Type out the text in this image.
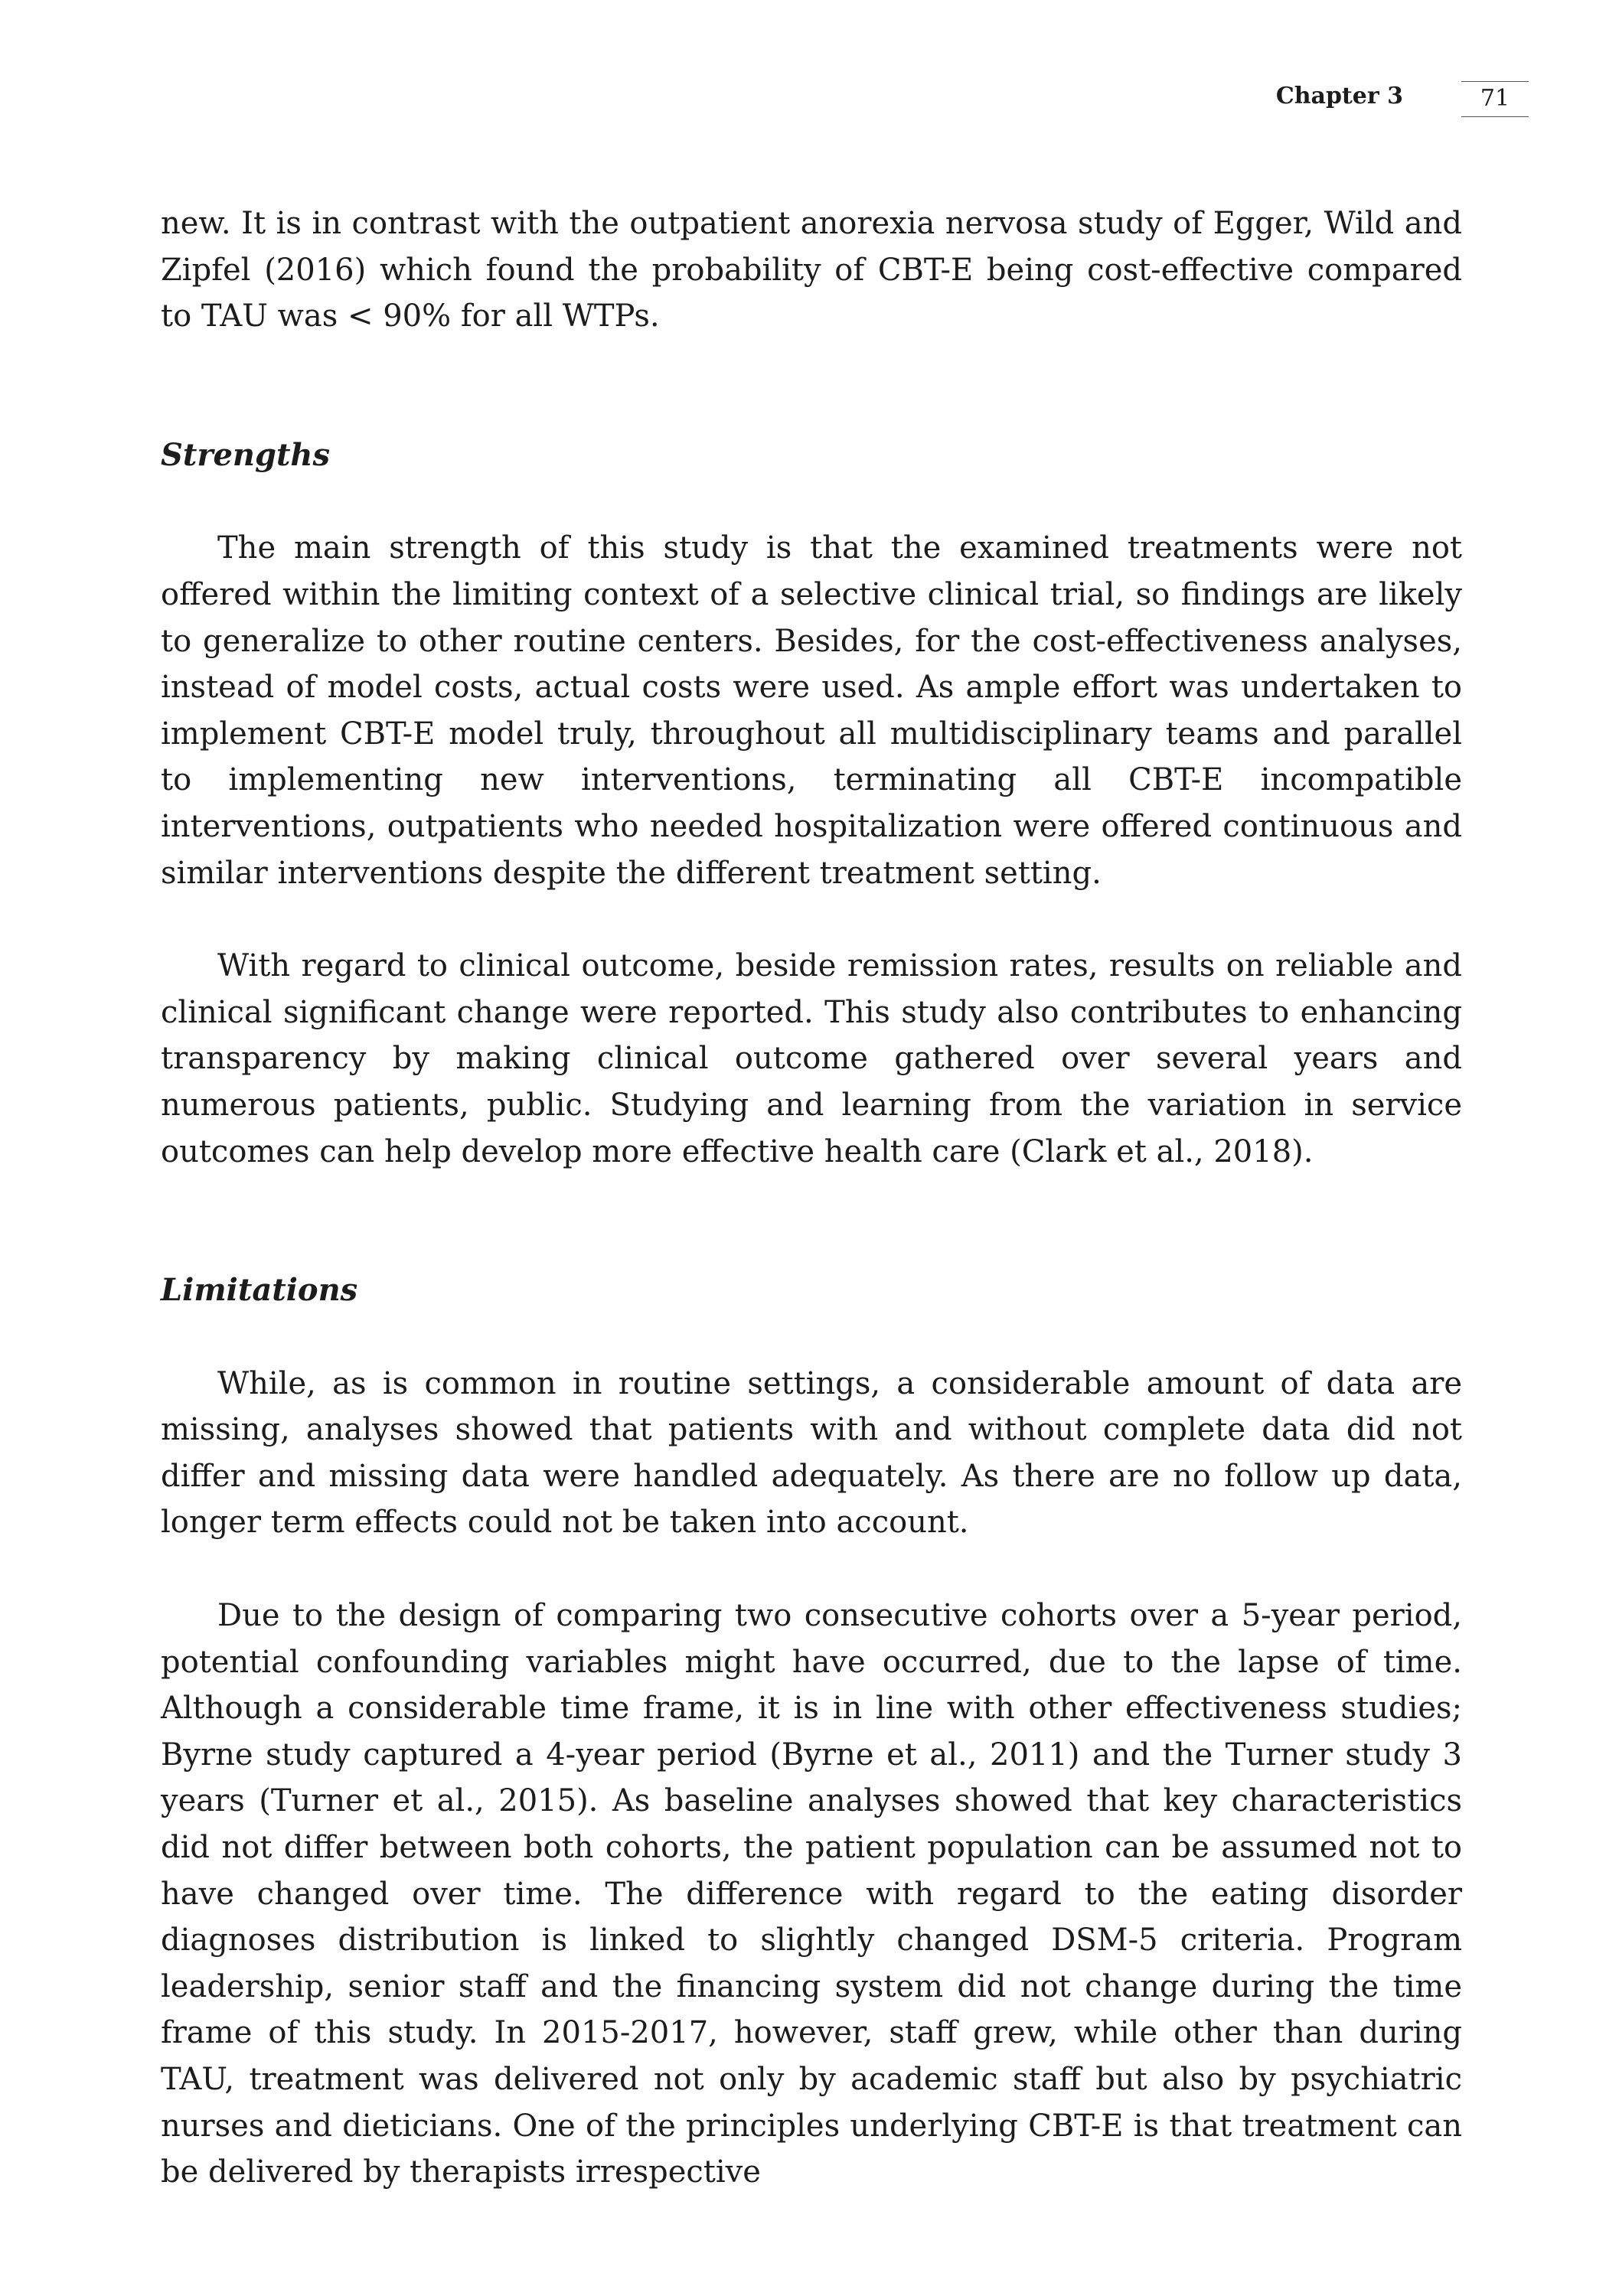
Chapter 3	71

new. It is in contrast with the outpatient anorexia nervosa study of Egger, Wild and Zipfel (2016) which found the probability of CBT-E being cost-effective compared to TAU was < 90% for all WTPs.

Strengths

The main strength of this study is that the examined treatments were not offered within the limiting context of a selective clinical trial, so findings are likely to generalize to other routine centers. Besides, for the cost-effectiveness analyses, instead of model costs, actual costs were used. As ample effort was undertaken to implement CBT-E model truly, throughout all multidisciplinary teams and parallel to implementing new interventions, terminating all CBT-E incompatible interventions, outpatients who needed hospitalization were offered continuous and similar interventions despite the different treatment setting.

With regard to clinical outcome, beside remission rates, results on reliable and clinical significant change were reported. This study also contributes to enhancing transparency by making clinical outcome gathered over several years and numerous patients, public. Studying and learning from the variation in service outcomes can help develop more effective health care (Clark et al., 2018).

Limitations

While, as is common in routine settings, a considerable amount of data are missing, analyses showed that patients with and without complete data did not differ and missing data were handled adequately. As there are no follow up data, longer term effects could not be taken into account.

Due to the design of comparing two consecutive cohorts over a 5-year period, potential confounding variables might have occurred, due to the lapse of time. Although a considerable time frame, it is in line with other effectiveness studies; Byrne study captured a 4-year period (Byrne et al., 2011) and the Turner study 3 years (Turner et al., 2015). As baseline analyses showed that key characteristics did not differ between both cohorts, the patient population can be assumed not to have changed over time. The difference with regard to the eating disorder diagnoses distribution is linked to slightly changed DSM-5 criteria. Program leadership, senior staff and the financing system did not change during the time frame of this study. In 2015-2017, however, staff grew, while other than during TAU, treatment was delivered not only by academic staff but also by psychiatric nurses and dieticians. One of the principles underlying CBT-E is that treatment can be delivered by therapists irrespective
